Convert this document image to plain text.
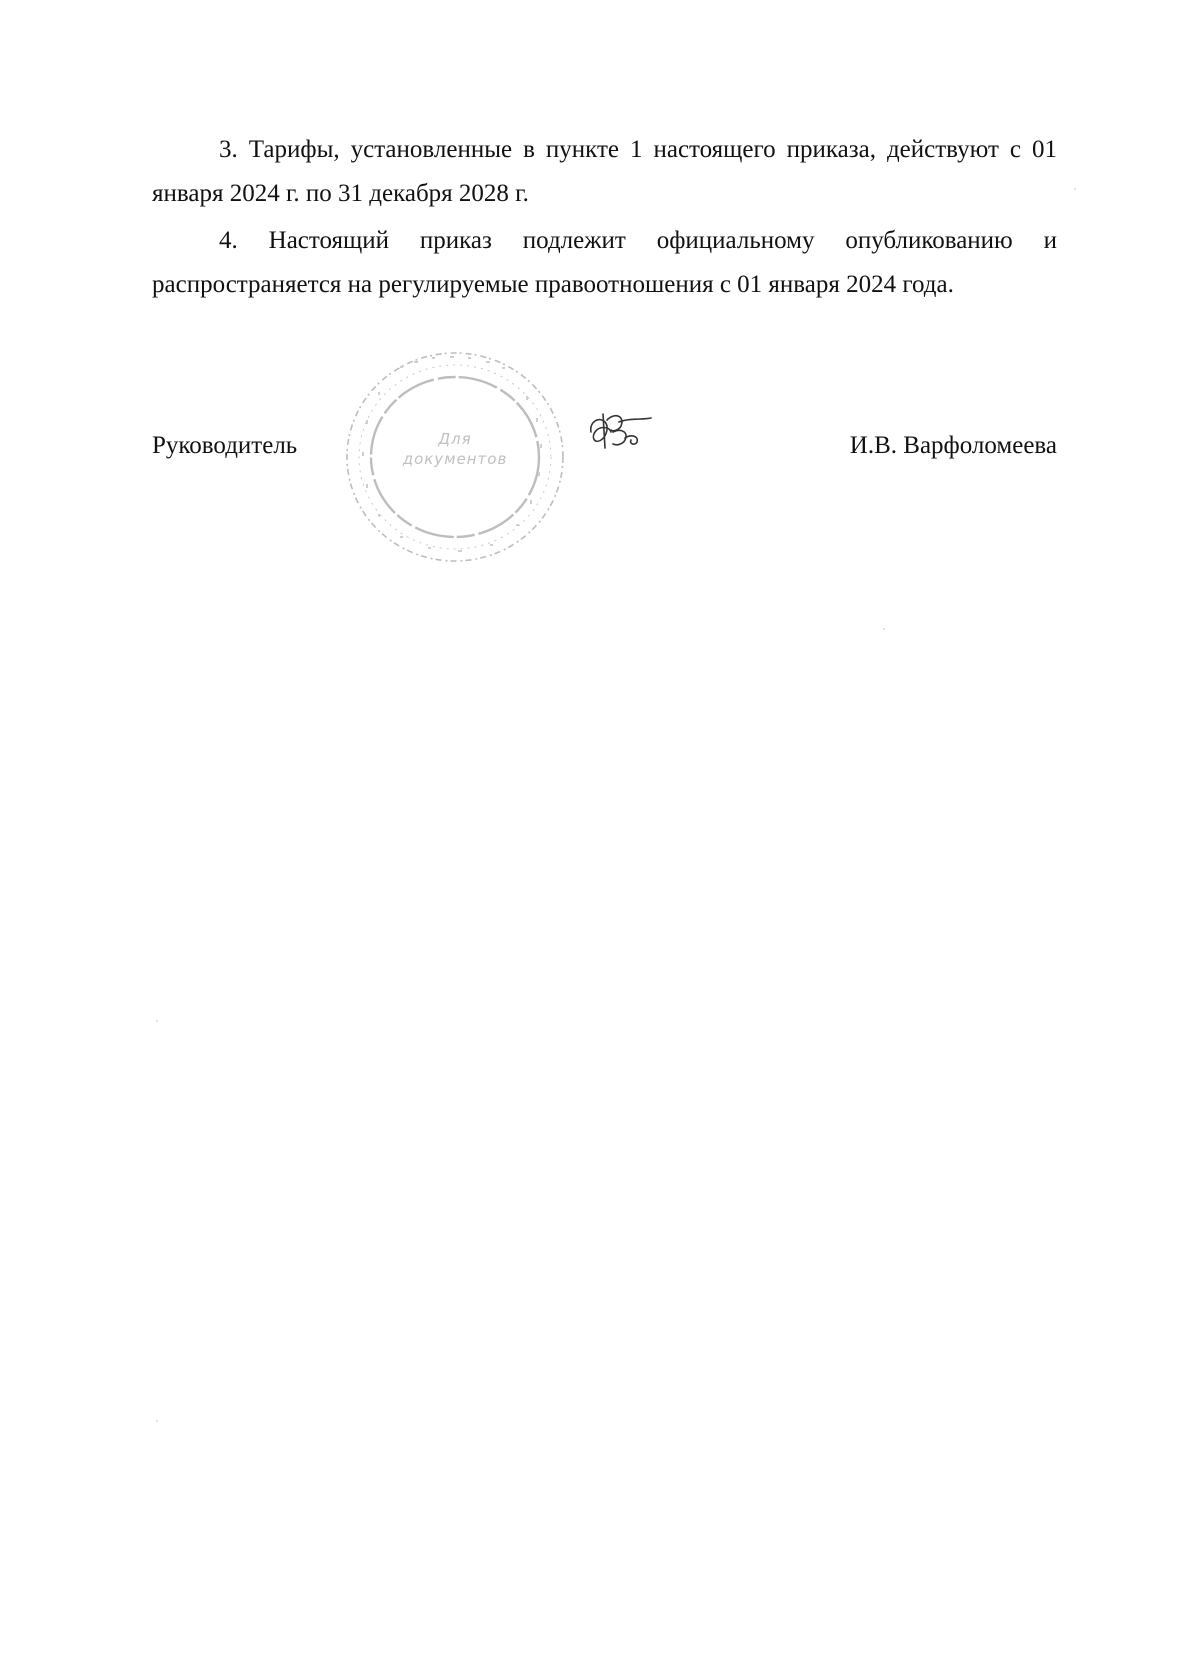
3. Тарифы, установленные в пункте 1 настоящего приказа, действуют с 01 января 2024 г. по 31 декабря 2028 г.

4. Настоящий приказ подлежит официальному опубликованию и распространяется на регулируемые правоотношения с 01 января 2024 года.

Руководитель	И.В. Варфоломеева
Для
документов
